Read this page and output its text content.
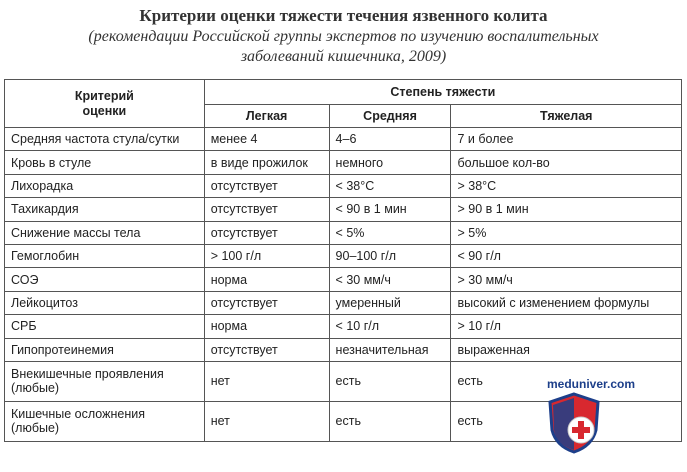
Критерии оценки тяжести течения язвенного колита
(рекомендации Российской группы экспертов по изучению воспалительных
заболеваний кишечника, 2009)
Критерий оценки	Степень тяжести		
	Легкая	Средняя	Тяжелая
Средняя частота стула/сутки	менее 4	4–6	7 и более
Кровь в стуле	в виде прожилок	немного	большое кол-во
Лихорадка	отсутствует	< 38°С	> 38°С
Тахикардия	отсутствует	< 90 в 1 мин	> 90 в 1 мин
Снижение массы тела	отсутствует	< 5%	> 5%
Гемоглобин	> 100 г/л	90–100 г/л	< 90 г/л
СОЭ	норма	< 30 мм/ч	> 30 мм/ч
Лейкоцитоз	отсутствует	умеренный	высокий с изменением формулы
СРБ	норма	< 10 г/л	> 10 г/л
Гипопротеинемия	отсутствует	незначительная	выраженная

Внекишечные проявления
(любые)	нет	есть	есть

Кишечные осложнения
(любые)	нет	есть	есть
meduniver.com
